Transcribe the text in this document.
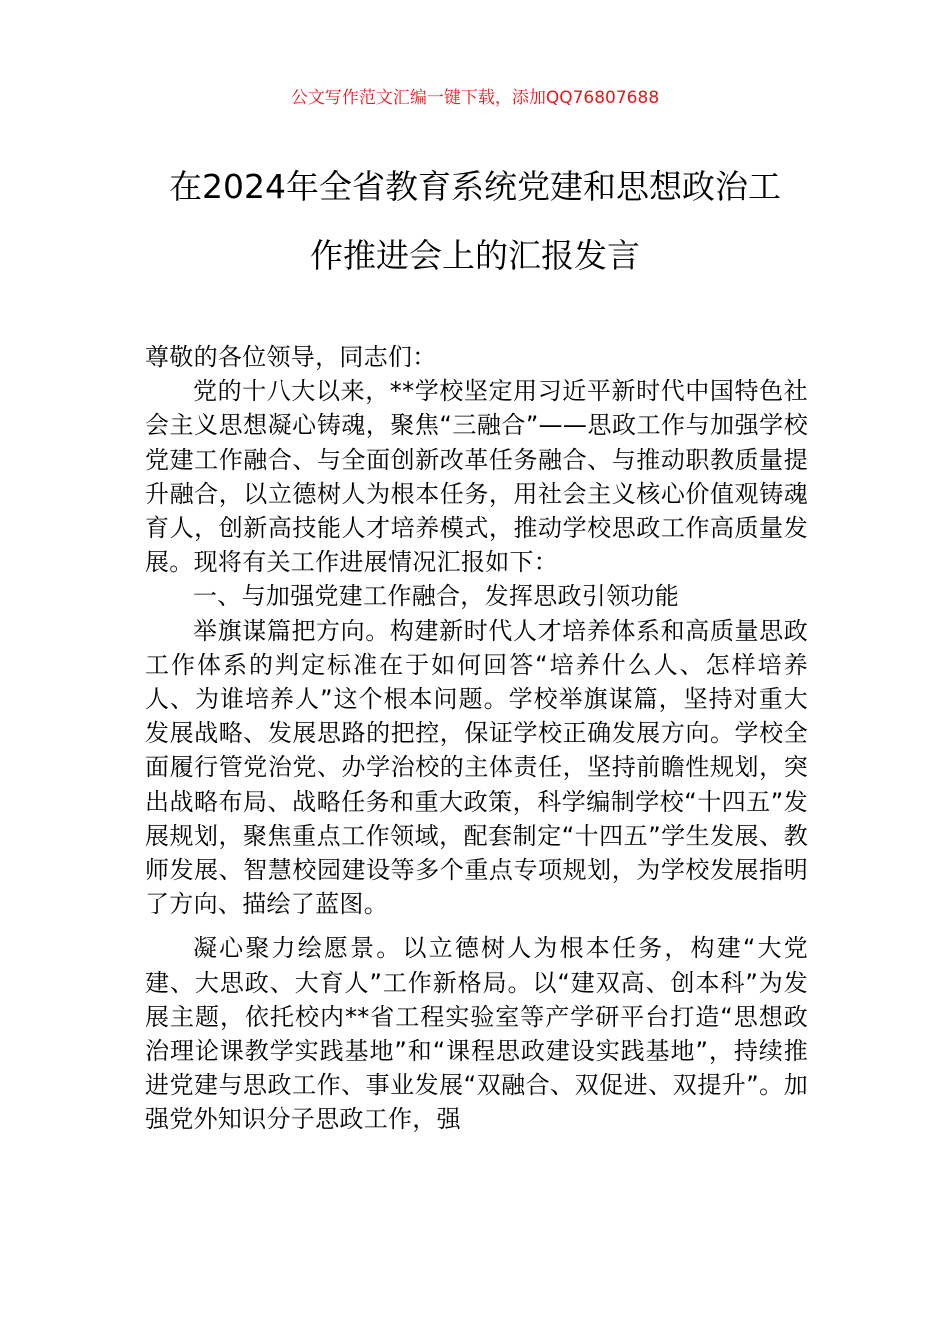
公文写作范文汇编一键下载，添加QQ76807688
在2024年全省教育系统党建和思想政治工
作推进会上的汇报发言

尊敬的各位领导，同志们：

党的十八大以来，**学校坚定用习近平新时代中国特色社会主义思想凝心铸魂，聚焦“三融合”——思政工作与加强学校党建工作融合、与全面创新改革任务融合、与推动职教质量提升融合，以立德树人为根本任务，用社会主义核心价值观铸魂育人，创新高技能人才培养模式，推动学校思政工作高质量发展。现将有关工作进展情况汇报如下：

一、与加强党建工作融合，发挥思政引领功能

举旗谋篇把方向。构建新时代人才培养体系和高质量思政工作体系的判定标准在于如何回答“培养什么人、怎样培养人、为谁培养人”这个根本问题。学校举旗谋篇，坚持对重大发展战略、发展思路的把控，保证学校正确发展方向。学校全面履行管党治党、办学治校的主体责任，坚持前瞻性规划，突出战略布局、战略任务和重大政策，科学编制学校“十四五”发展规划，聚焦重点工作领域，配套制定“十四五”学生发展、教师发展、智慧校园建设等多个重点专项规划，为学校发展指明了方向、描绘了蓝图。

凝心聚力绘愿景。以立德树人为根本任务，构建“大党建、大思政、大育人”工作新格局。以“建双高、创本科”为发展主题，依托校内**省工程实验室等产学研平台打造“思想政治理论课教学实践基地”和“课程思政建设实践基地”，持续推进党建与思政工作、事业发展“双融合、双促进、双提升”。加强党外知识分子思政工作，强
